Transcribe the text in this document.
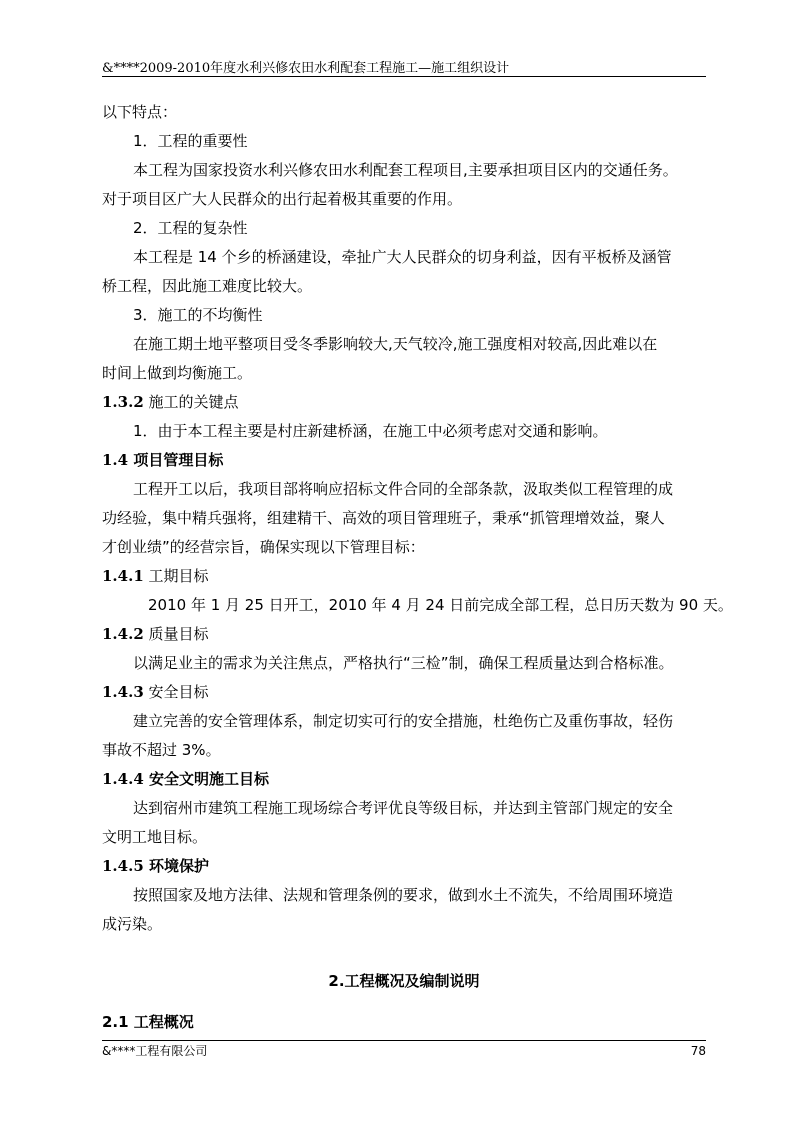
&****2009-2010年度水利兴修农田水利配套工程施工—施工组织设计
以下特点：
1．工程的重要性
本工程为国家投资水利兴修农田水利配套工程项目,主要承担项目区内的交通任务。
对于项目区广大人民群众的出行起着极其重要的作用。
2．工程的复杂性
本工程是 14 个乡的桥涵建设，牵扯广大人民群众的切身利益，因有平板桥及涵管
桥工程，因此施工难度比较大。
3．施工的不均衡性
在施工期土地平整项目受冬季影响较大,天气较冷,施工强度相对较高,因此难以在
时间上做到均衡施工。
1.3.2 施工的关键点
1．由于本工程主要是村庄新建桥涵，在施工中必须考虑对交通和影响。
1.4 项目管理目标
工程开工以后，我项目部将响应招标文件合同的全部条款，汲取类似工程管理的成
功经验，集中精兵强将，组建精干、高效的项目管理班子，秉承“抓管理增效益，聚人
才创业绩”的经营宗旨，确保实现以下管理目标：
1.4.1 工期目标
2010 年 1 月 25 日开工，2010 年 4 月 24 日前完成全部工程，总日历天数为 90 天。
1.4.2 质量目标
以满足业主的需求为关注焦点，严格执行“三检”制，确保工程质量达到合格标准。
1.4.3 安全目标
建立完善的安全管理体系，制定切实可行的安全措施，杜绝伤亡及重伤事故，轻伤
事故不超过 3%。
1.4.4 安全文明施工目标
达到宿州市建筑工程施工现场综合考评优良等级目标，并达到主管部门规定的安全
文明工地目标。
1.4.5 环境保护
按照国家及地方法律、法规和管理条例的要求，做到水土不流失，不给周围环境造
成污染。
2.工程概况及编制说明
2.1 工程概况
&****工程有限公司	78
